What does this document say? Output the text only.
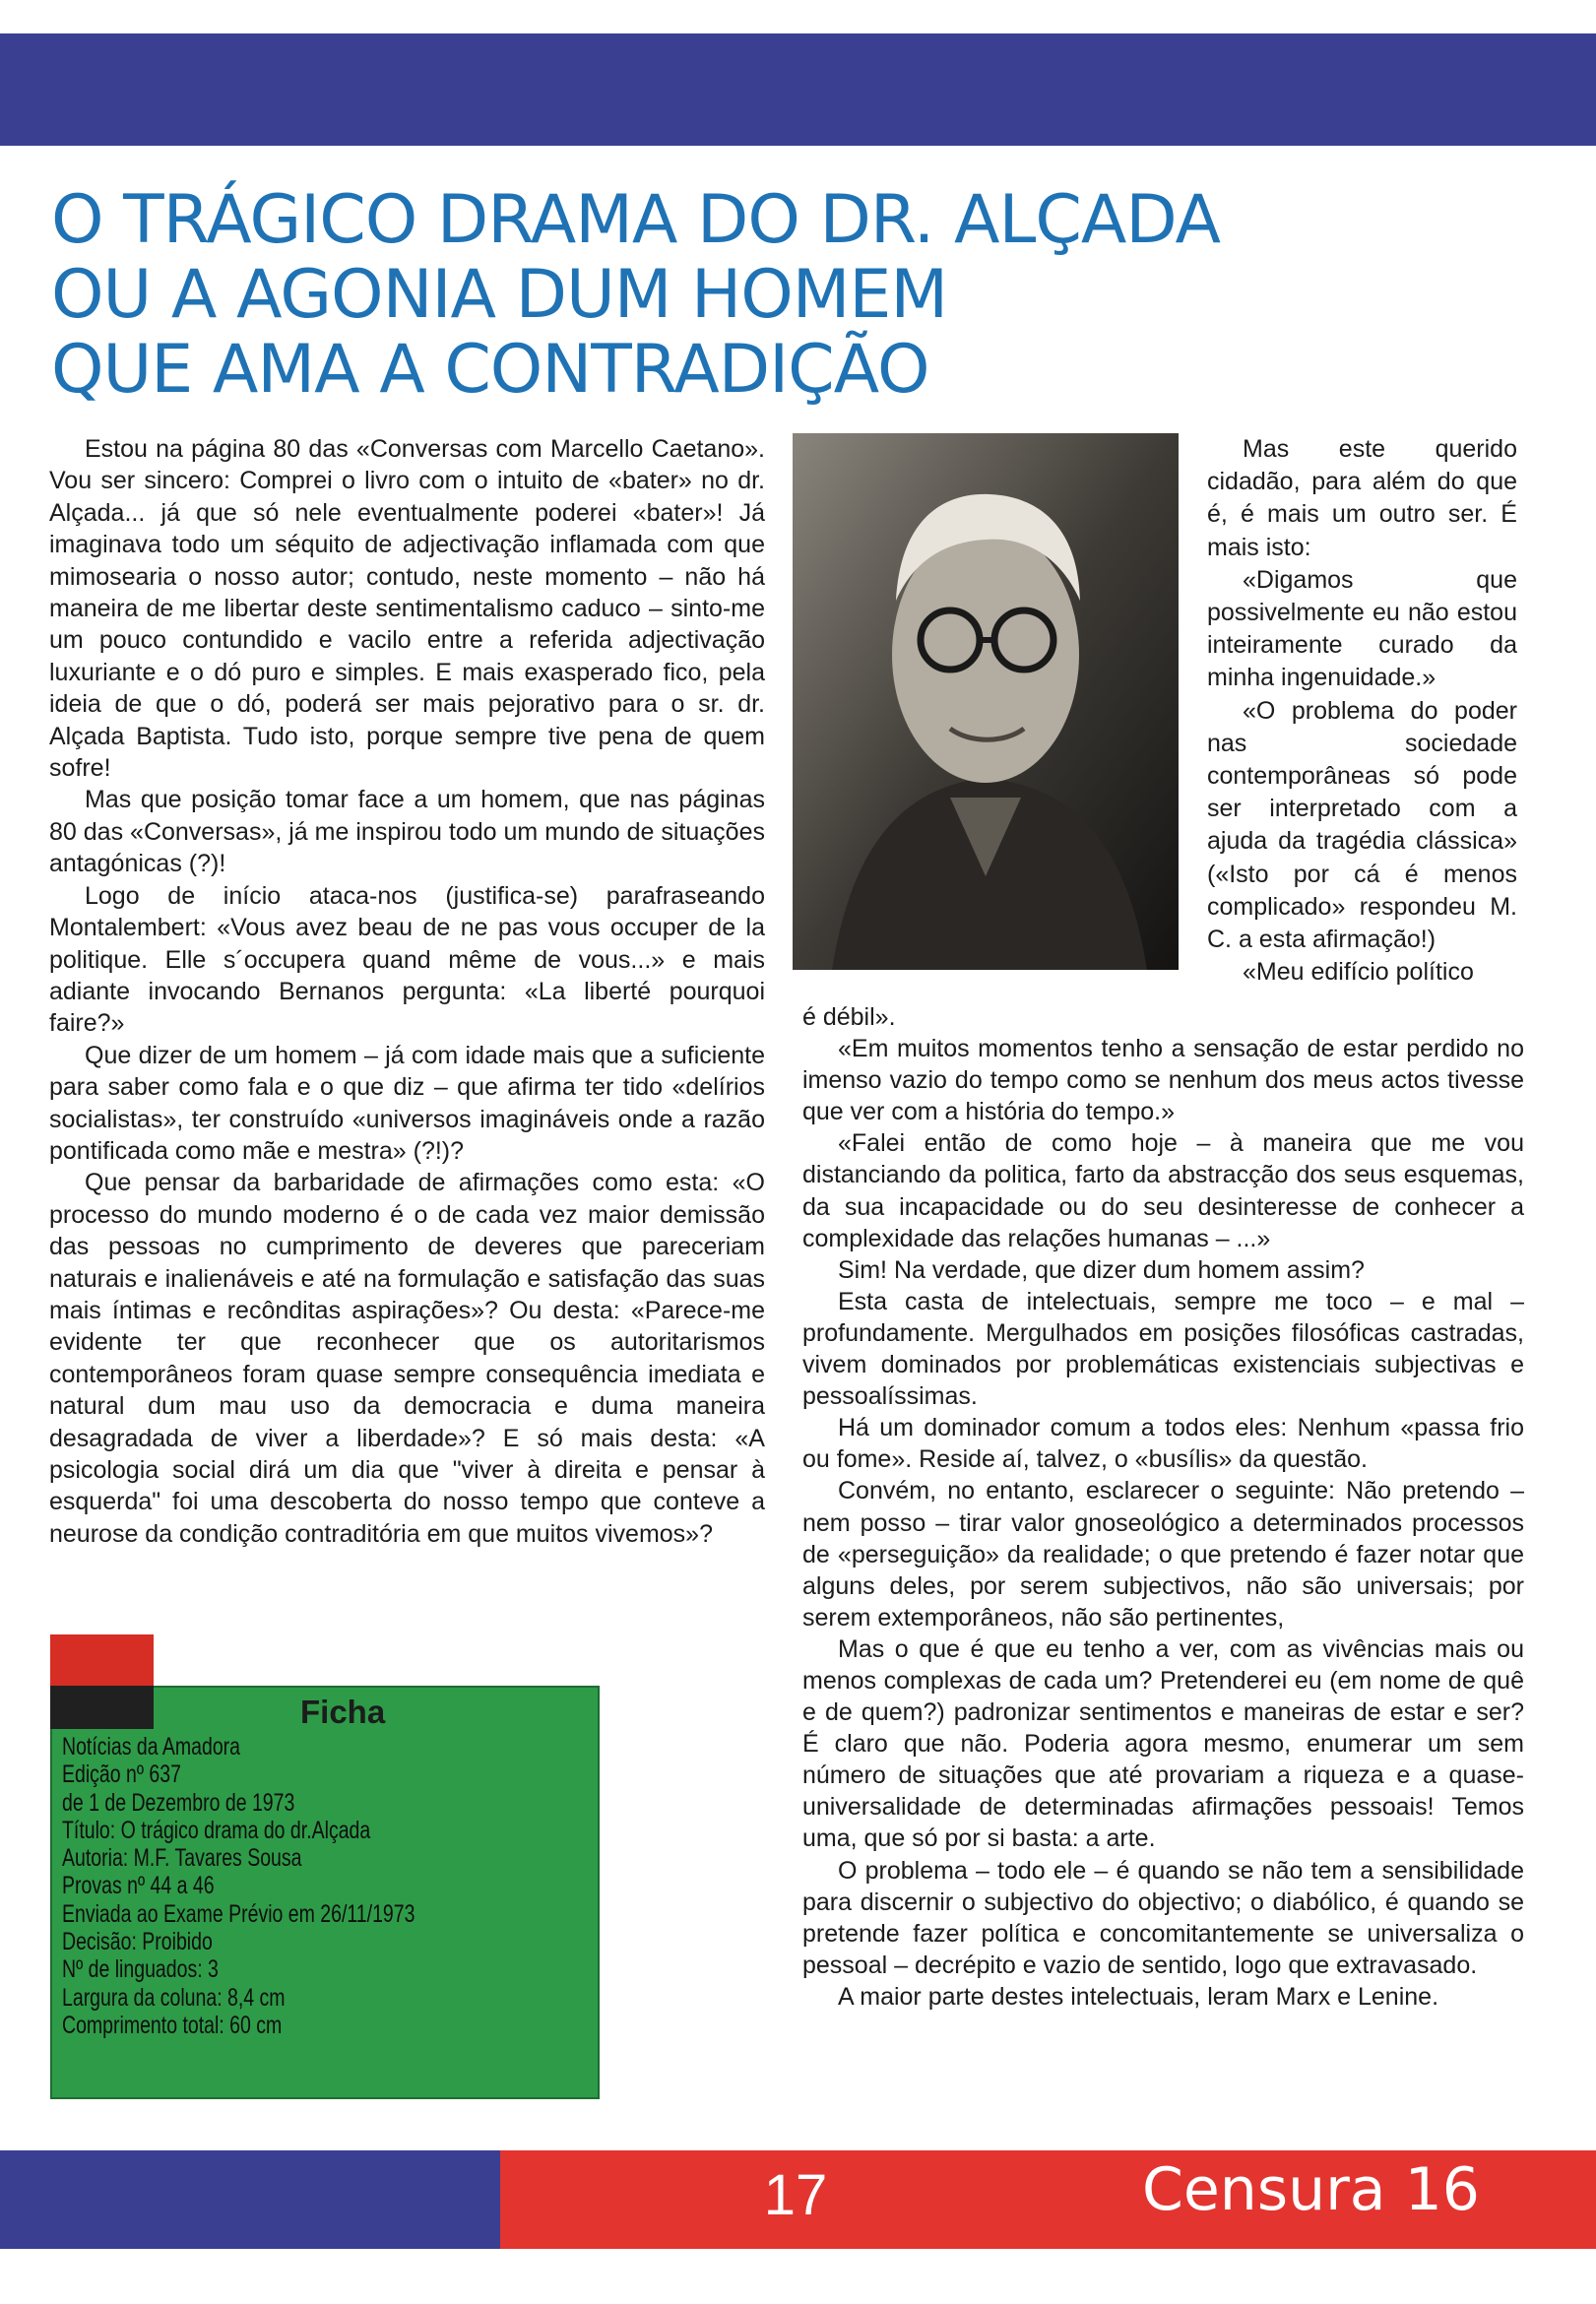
O TRÁGICO DRAMA DO DR. ALÇADA
OU A AGONIA DUM HOMEM
QUE AMA A CONTRADIÇÃO

Estou na página 80 das «Conversas com Marcello Caetano». Vou ser sincero: Comprei o livro com o intuito de «bater» no dr. Alçada... já que só nele eventualmente poderei «bater»! Já imaginava todo um séquito de adjectivação inflamada com que mimosearia o nosso autor; contudo, neste momento – não há maneira de me libertar deste sentimentalismo caduco – sinto-me um pouco contundido e vacilo entre a referida adjectivação luxuriante e o dó puro e simples. E mais exasperado fico, pela ideia de que o dó, poderá ser mais pejorativo para o sr. dr. Alçada Baptista. Tudo isto, porque sempre tive pena de quem sofre!

Mas que posição tomar face a um homem, que nas páginas 80 das «Conversas», já me inspirou todo um mundo de situações antagónicas (?)!

Logo de início ataca-nos (justifica-se) parafraseando Montalembert: «Vous avez beau de ne pas vous occuper de la politique. Elle s´occupera quand même de vous...» e mais adiante invocando Bernanos pergunta: «La liberté pourquoi faire?»

Que dizer de um homem – já com idade mais que a suficiente para saber como fala e o que diz – que afirma ter tido «delírios socialistas», ter construído «universos imagináveis onde a razão pontificada como mãe e mestra» (?!)?

Que pensar da barbaridade de afirmações como esta: «O processo do mundo moderno é o de cada vez maior demissão das pessoas no cumprimento de deveres que pareceriam naturais e inalienáveis e até na formulação e satisfação das suas mais íntimas e recônditas aspirações»? Ou desta: «Parece-me evidente ter que reconhecer que os autoritarismos contemporâneos foram quase sempre consequência imediata e natural dum mau uso da democracia e duma maneira desagradada de viver a liberdade»? E só mais desta: «A psicologia social dirá um dia que "viver à direita e pensar à esquerda" foi uma descoberta do nosso tempo que conteve a neurose da condição contraditória em que muitos vivemos»?

Mas este querido cidadão, para além do que é, é mais um outro ser. É mais isto:

«Digamos que possivelmente eu não estou inteiramente curado da minha ingenuidade.»

«O problema do poder nas sociedade contemporâneas só pode ser interpretado com a ajuda da tragédia clássica» («Isto por cá é menos complicado» respondeu M. C. a esta afirmação!)

«Meu edifício político

é débil».

«Em muitos momentos tenho a sensação de estar perdido no imenso vazio do tempo como se nenhum dos meus actos tivesse que ver com a história do tempo.»

«Falei então de como hoje – à maneira que me vou distanciando da politica, farto da abstracção dos seus esquemas, da sua incapacidade ou do seu desinteresse de conhecer a complexidade das relações humanas – ...»

Sim! Na verdade, que dizer dum homem assim?

Esta casta de intelectuais, sempre me toco – e mal – profundamente. Mergulhados em posições filosóficas castradas, vivem dominados por problemáticas existenciais subjectivas e pessoalíssimas.

Há um dominador comum a todos eles: Nenhum «passa frio ou fome». Reside aí, talvez, o «busílis» da questão.

Convém, no entanto, esclarecer o seguinte: Não pretendo – nem posso – tirar valor gnoseológico a determinados processos de «perseguição» da realidade; o que pretendo é fazer notar que alguns deles, por serem subjectivos, não são universais; por serem extemporâneos, não são pertinentes,

Mas o que é que eu tenho a ver, com as vivências mais ou menos complexas de cada um? Pretenderei eu (em nome de quê e de quem?) padronizar sentimentos e maneiras de estar e ser? É claro que não. Poderia agora mesmo, enumerar um sem número de situações que até provariam a riqueza e a quase-universalidade de determinadas afirmações pessoais! Temos uma, que só por si basta: a arte.

O problema – todo ele – é quando se não tem a sensibilidade para discernir o subjectivo do objectivo; o diabólico, é quando se pretende fazer política e concomitantemente se universaliza o pessoal – decrépito e vazio de sentido, logo que extravasado.

A maior parte destes intelectuais, leram Marx e Lenine.

Ficha
Notícias da Amadora
Edição nº 637
de 1 de Dezembro de 1973
Título: O trágico drama do dr.Alçada
Autoria: M.F. Tavares Sousa
Provas nº 44 a 46
Enviada ao Exame Prévio em 26/11/1973
Decisão: Proibido
Nº de linguados: 3
Largura da coluna: 8,4 cm
Comprimento total: 60 cm

17	Censura 16
